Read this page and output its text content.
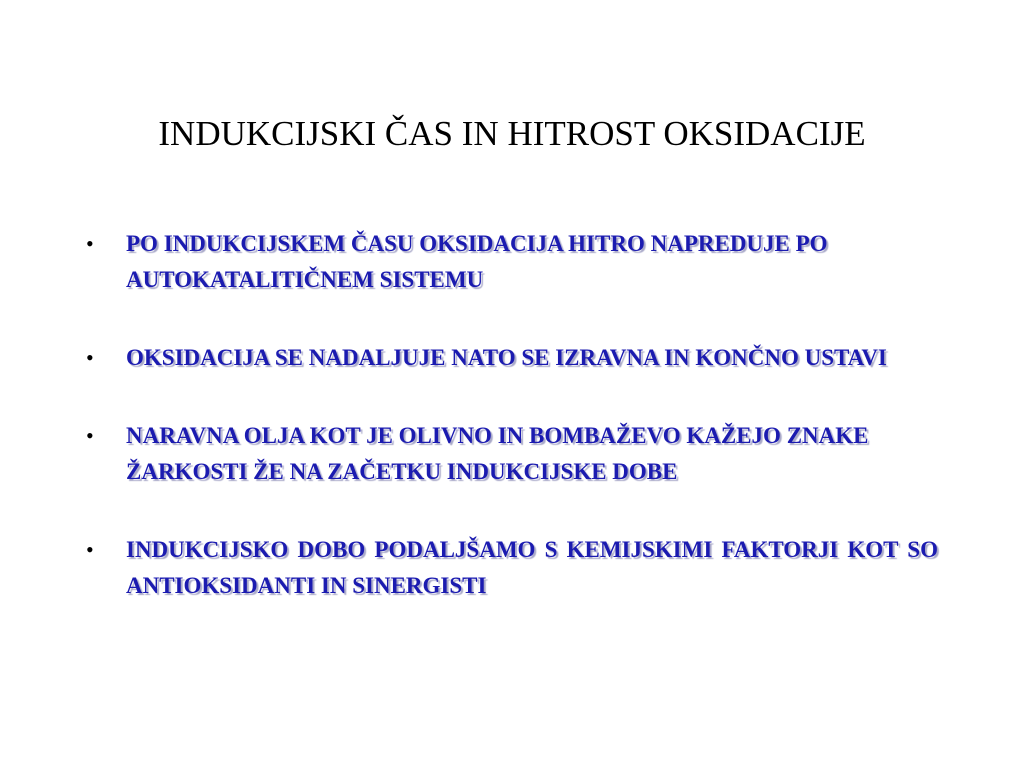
INDUKCIJSKI ČAS IN HITROST OKSIDACIJE
•	PO INDUKCIJSKEM ČASU OKSIDACIJA HITRO NAPREDUJE PO AUTOKATALITIČNEM SISTEMU
•	OKSIDACIJA SE NADALJUJE NATO SE IZRAVNA IN KONČNO USTAVI
•	NARAVNA OLJA KOT JE OLIVNO IN BOMBAŽEVO KAŽEJO ZNAKE ŽARKOSTI ŽE NA ZAČETKU INDUKCIJSKE DOBE
•	INDUKCIJSKO DOBO PODALJŠAMO S KEMIJSKIMI FAKTORJI KOT SO ANTIOKSIDANTI IN SINERGISTI
